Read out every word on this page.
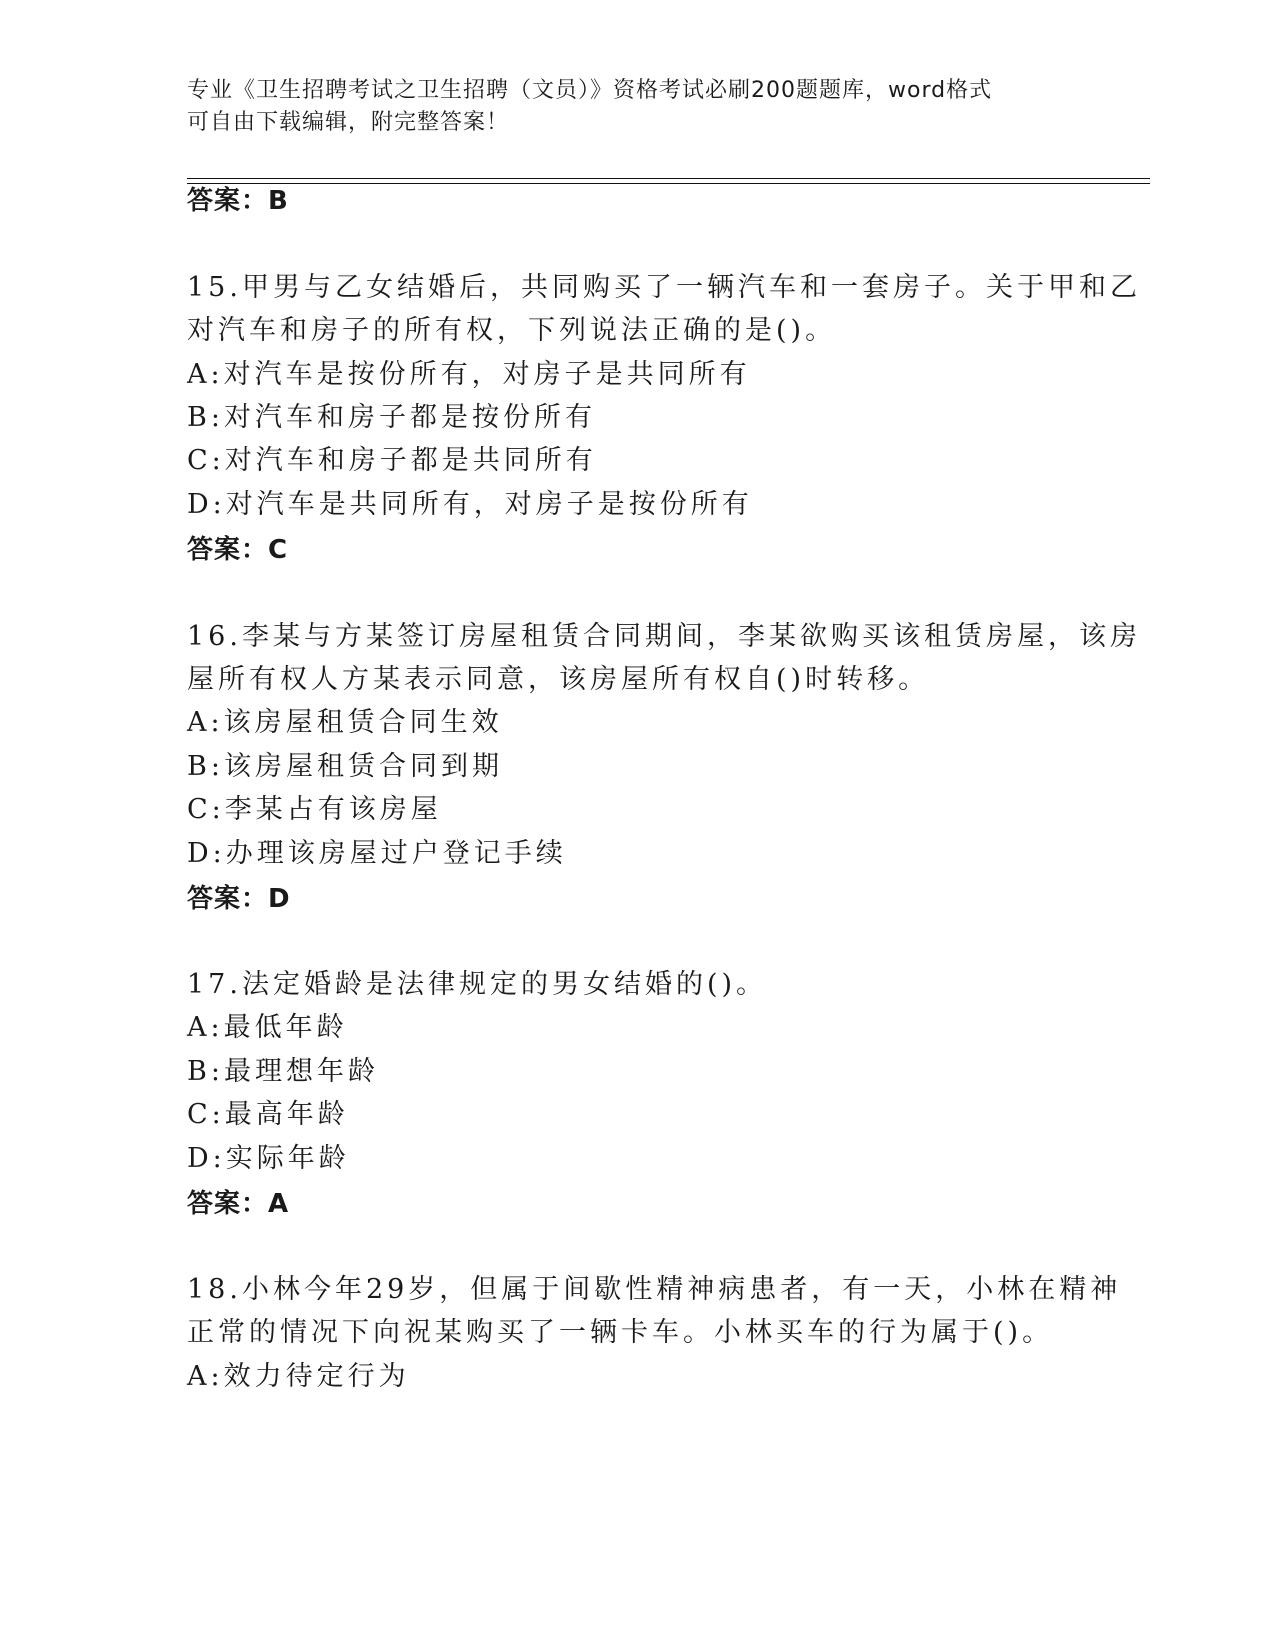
专业《卫生招聘考试之卫生招聘（文员）》资格考试必刷200题题库，word格式
可自由下载编辑，附完整答案！
答案：B
15.甲男与乙女结婚后，共同购买了一辆汽车和一套房子。关于甲和乙
对汽车和房子的所有权，下列说法正确的是()。
A:对汽车是按份所有，对房子是共同所有
B:对汽车和房子都是按份所有
C:对汽车和房子都是共同所有
D:对汽车是共同所有，对房子是按份所有
答案：C
16.李某与方某签订房屋租赁合同期间，李某欲购买该租赁房屋，该房
屋所有权人方某表示同意，该房屋所有权自()时转移。
A:该房屋租赁合同生效
B:该房屋租赁合同到期
C:李某占有该房屋
D:办理该房屋过户登记手续
答案：D
17.法定婚龄是法律规定的男女结婚的()。
A:最低年龄
B:最理想年龄
C:最高年龄
D:实际年龄
答案：A
18.小林今年29岁，但属于间歇性精神病患者，有一天，小林在精神
正常的情况下向祝某购买了一辆卡车。小林买车的行为属于()。
A:效力待定行为
